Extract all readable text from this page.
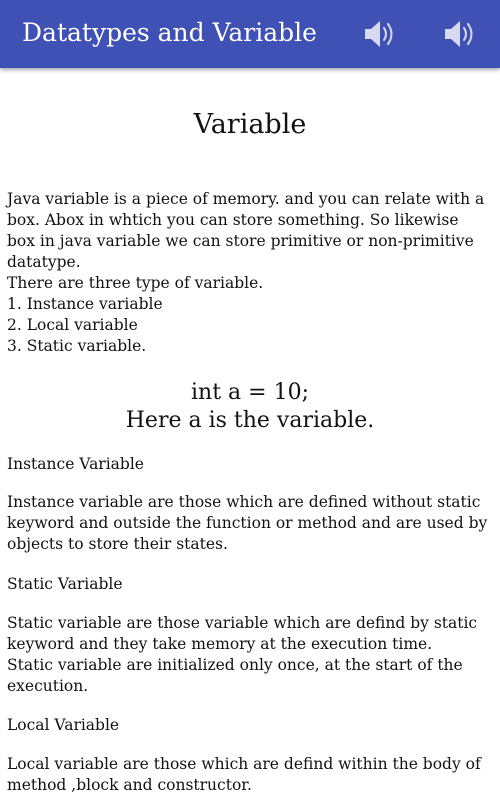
Datatypes and Variable
Variable
Java variable is a piece of memory. and you can relate with a
box. Abox in whtich you can store something. So likewise
box in java variable we can store primitive or non-primitive
datatype.
There are three type of variable.
1. Instance variable
2. Local variable
3. Static variable.
int a = 10;
Here a is the variable.
Instance Variable
Instance variable are those which are defined without static
keyword and outside the function or method and are used by
objects to store their states.
Static Variable
Static variable are those variable which are defind by static
keyword and they take memory at the execution time.
Static variable are initialized only once, at the start of the
execution.
Local Variable
Local variable are those which are defind within the body of
method ,block and constructor.
